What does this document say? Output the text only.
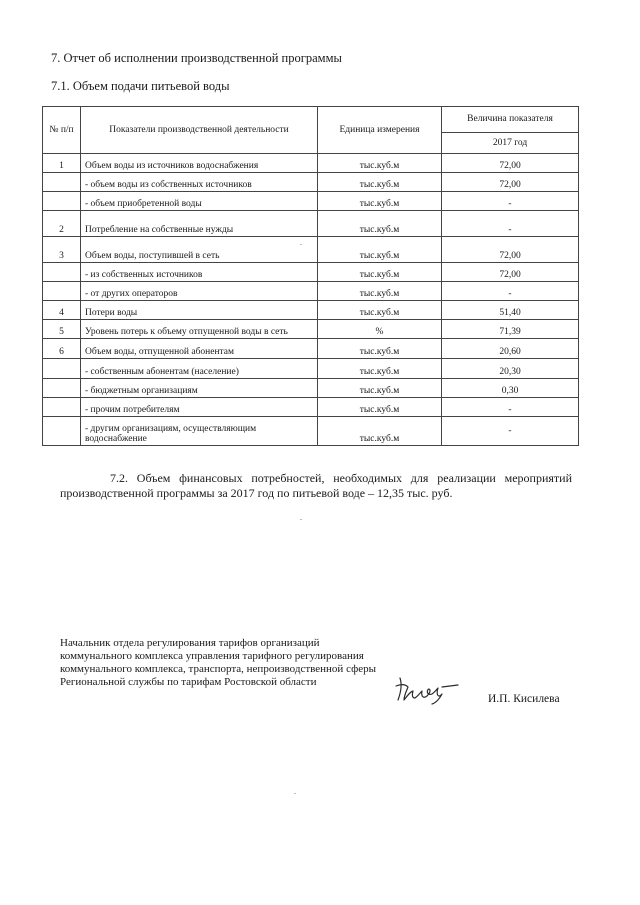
7. Отчет об исполнении производственной программы
7.1. Объем подачи питьевой воды
№ п/п	Показатели производственной деятельности	Единица измерения	Величина показателя
			2017 год
1	Объем воды из источников водоснабжения	тыс.куб.м	72,00
	- объем воды из собственных источников	тыс.куб.м	72,00
	- объем приобретенной воды	тыс.куб.м	-
2	Потребление на собственные нужды	тыс.куб.м	-
3	Объем воды, поступившей в сеть	тыс.куб.м	72,00
	- из собственных источников	тыс.куб.м	72,00
	- от других операторов	тыс.куб.м	-
4	Потери воды	тыс.куб.м	51,40
5	Уровень потерь к объему отпущенной воды в сеть	%	71,39
6	Объем воды, отпущенной абонентам	тыс.куб.м	20,60
	- собственным абонентам (население)	тыс.куб.м	20,30
	- бюджетным организациям	тыс.куб.м	0,30
	- прочим потребителям	тыс.куб.м	-
	- другим организациям, осуществляющим водоснабжение	тыс.куб.м	-
7.2. Объем финансовых потребностей, необходимых для реализации мероприятий производственной программы за 2017 год по питьевой воде – 12,35 тыс. руб.
Начальник отдела регулирования тарифов организаций коммунального комплекса управления тарифного регулирования коммунального комплекса, транспорта, непроизводственной сферы Региональной службы по тарифам Ростовской области
И.П. Кисилева
